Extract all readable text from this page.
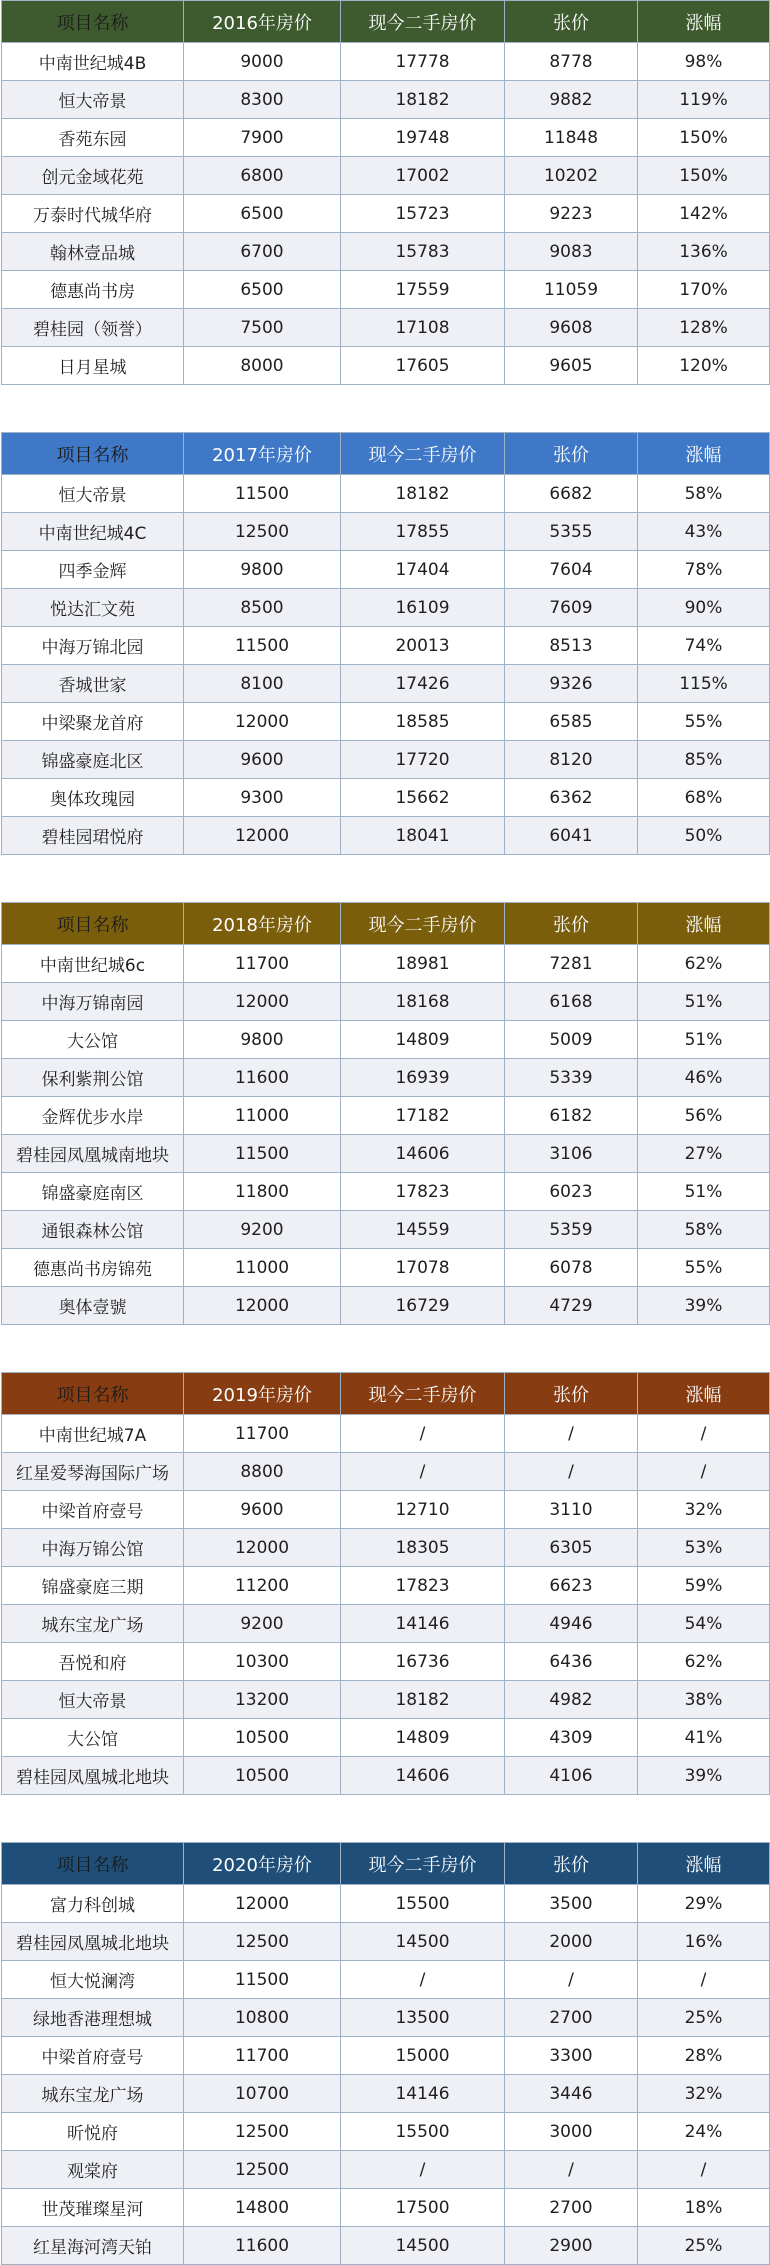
项目名称	2016年房价	现今二手房价	张价	涨幅
中南世纪城4B	9000	17778	8778	98%
恒大帝景	8300	18182	9882	119%
香苑东园	7900	19748	11848	150%
创元金域花苑	6800	17002	10202	150%
万泰时代城华府	6500	15723	9223	142%
翰林壹品城	6700	15783	9083	136%
德惠尚书房	6500	17559	11059	170%
碧桂园（领誉）	7500	17108	9608	128%
日月星城	8000	17605	9605	120%
项目名称	2017年房价	现今二手房价	张价	涨幅
恒大帝景	11500	18182	6682	58%
中南世纪城4C	12500	17855	5355	43%
四季金辉	9800	17404	7604	78%
悦达汇文苑	8500	16109	7609	90%
中海万锦北园	11500	20013	8513	74%
香城世家	8100	17426	9326	115%
中梁聚龙首府	12000	18585	6585	55%
锦盛豪庭北区	9600	17720	8120	85%
奥体玫瑰园	9300	15662	6362	68%
碧桂园珺悦府	12000	18041	6041	50%
项目名称	2018年房价	现今二手房价	张价	涨幅
中南世纪城6c	11700	18981	7281	62%
中海万锦南园	12000	18168	6168	51%
大公馆	9800	14809	5009	51%
保利紫荆公馆	11600	16939	5339	46%
金辉优步水岸	11000	17182	6182	56%
碧桂园凤凰城南地块	11500	14606	3106	27%
锦盛豪庭南区	11800	17823	6023	51%
通银森林公馆	9200	14559	5359	58%
德惠尚书房锦苑	11000	17078	6078	55%
奥体壹號	12000	16729	4729	39%
项目名称	2019年房价	现今二手房价	张价	涨幅
中南世纪城7A	11700	/	/	/
红星爱琴海国际广场	8800	/	/	/
中梁首府壹号	9600	12710	3110	32%
中海万锦公馆	12000	18305	6305	53%
锦盛豪庭三期	11200	17823	6623	59%
城东宝龙广场	9200	14146	4946	54%
吾悦和府	10300	16736	6436	62%
恒大帝景	13200	18182	4982	38%
大公馆	10500	14809	4309	41%
碧桂园凤凰城北地块	10500	14606	4106	39%
项目名称	2020年房价	现今二手房价	张价	涨幅
富力科创城	12000	15500	3500	29%
碧桂园凤凰城北地块	12500	14500	2000	16%
恒大悦澜湾	11500	/	/	/
绿地香港理想城	10800	13500	2700	25%
中梁首府壹号	11700	15000	3300	28%
城东宝龙广场	10700	14146	3446	32%
昕悦府	12500	15500	3000	24%
观棠府	12500	/	/	/
世茂璀璨星河	14800	17500	2700	18%
红星海河湾天铂	11600	14500	2900	25%
